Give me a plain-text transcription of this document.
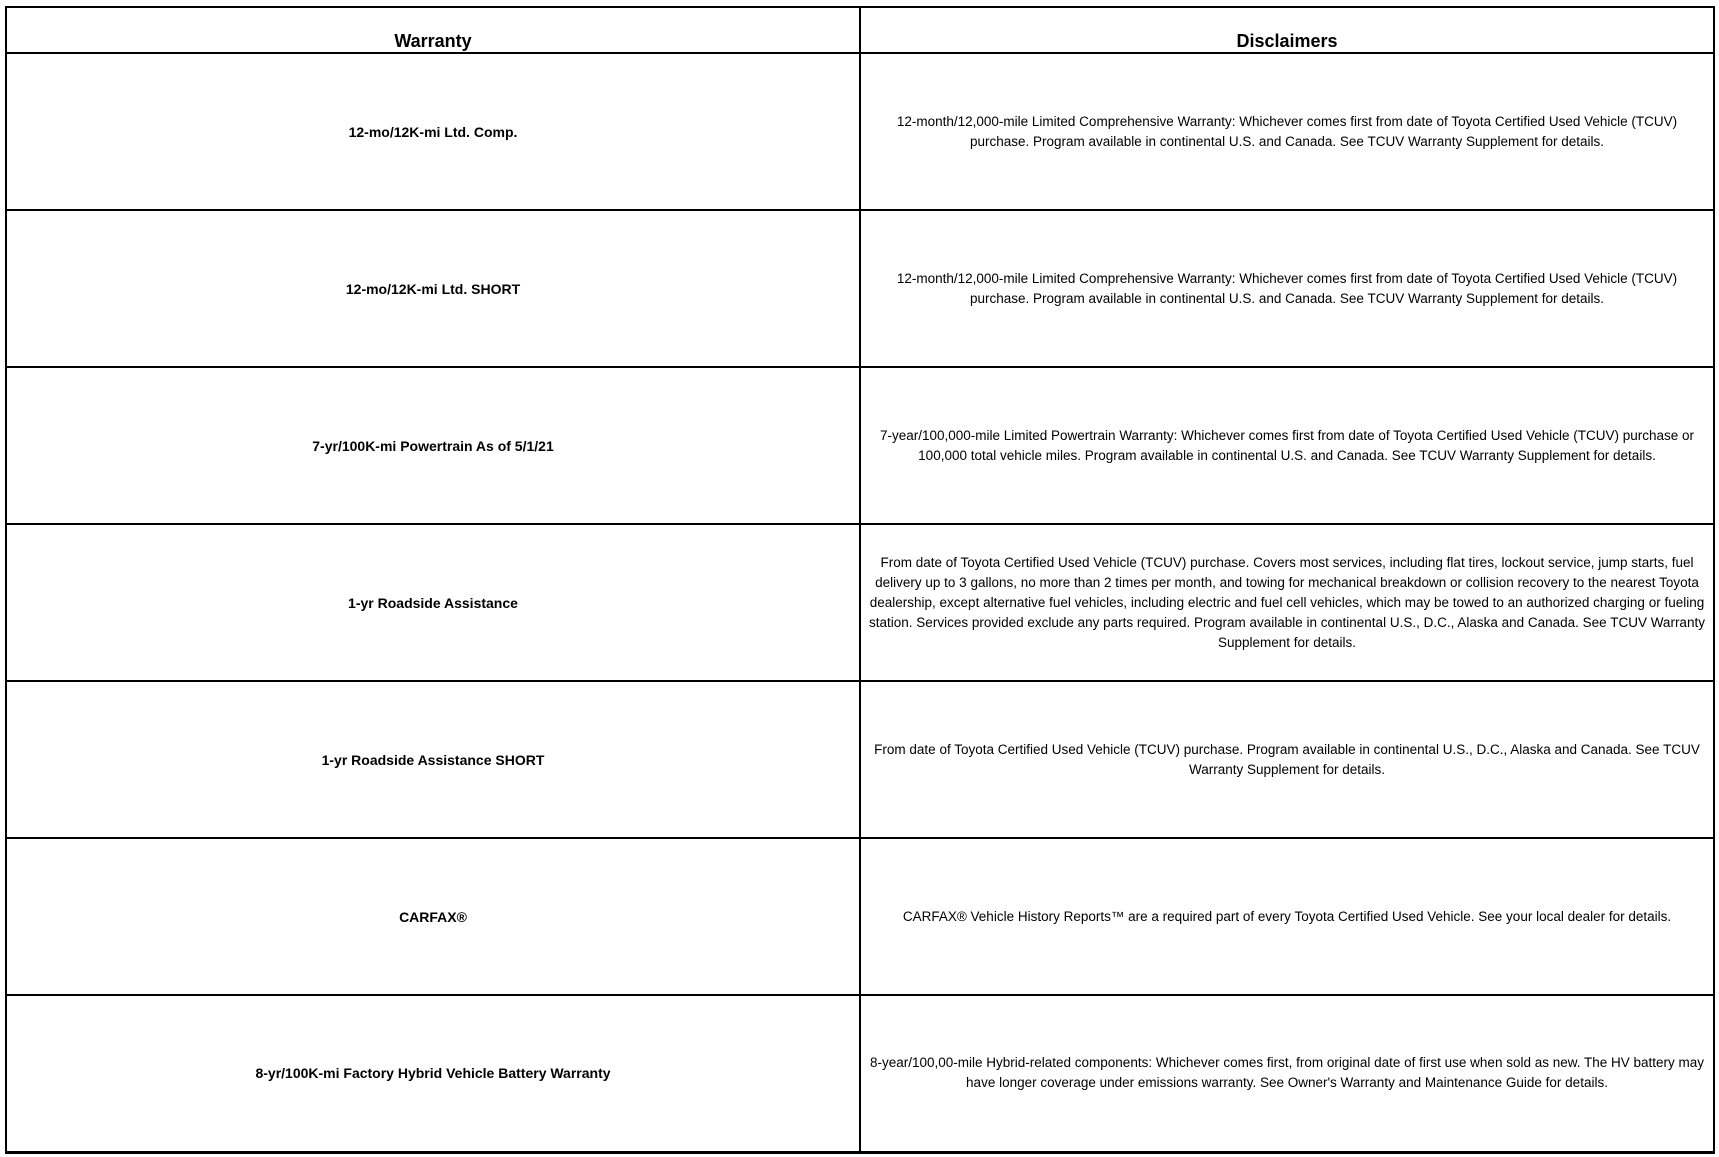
Warranty	Disclaimers
12-mo/12K-mi Ltd. Comp.	12-month/12,000-mile Limited Comprehensive Warranty: Whichever comes first from date of Toyota Certified Used Vehicle (TCUV) purchase. Program available in continental U.S. and Canada. See TCUV Warranty Supplement for details.
12-mo/12K-mi Ltd. SHORT	12-month/12,000-mile Limited Comprehensive Warranty: Whichever comes first from date of Toyota Certified Used Vehicle (TCUV) purchase. Program available in continental U.S. and Canada. See TCUV Warranty Supplement for details.
7-yr/100K-mi Powertrain As of 5/1/21	7-year/100,000-mile Limited Powertrain Warranty: Whichever comes first from date of Toyota Certified Used Vehicle (TCUV) purchase or 100,000 total vehicle miles. Program available in continental U.S. and Canada. See TCUV Warranty Supplement for details.
1-yr Roadside Assistance	From date of Toyota Certified Used Vehicle (TCUV) purchase. Covers most services, including flat tires, lockout service, jump starts, fuel delivery up to 3 gallons, no more than 2 times per month, and towing for mechanical breakdown or collision recovery to the nearest Toyota dealership, except alternative fuel vehicles, including electric and fuel cell vehicles, which may be towed to an authorized charging or fueling station. Services provided exclude any parts required. Program available in continental U.S., D.C., Alaska and Canada. See TCUV Warranty Supplement for details.
1-yr Roadside Assistance SHORT	From date of Toyota Certified Used Vehicle (TCUV) purchase. Program available in continental U.S., D.C., Alaska and Canada. See TCUV Warranty Supplement for details.
CARFAX®	CARFAX® Vehicle History Reports™ are a required part of every Toyota Certified Used Vehicle. See your local dealer for details.
8-yr/100K-mi Factory Hybrid Vehicle Battery Warranty	8-year/100,00-mile Hybrid-related components: Whichever comes first, from original date of first use when sold as new. The HV battery may have longer coverage under emissions warranty. See Owner's Warranty and Maintenance Guide for details.
